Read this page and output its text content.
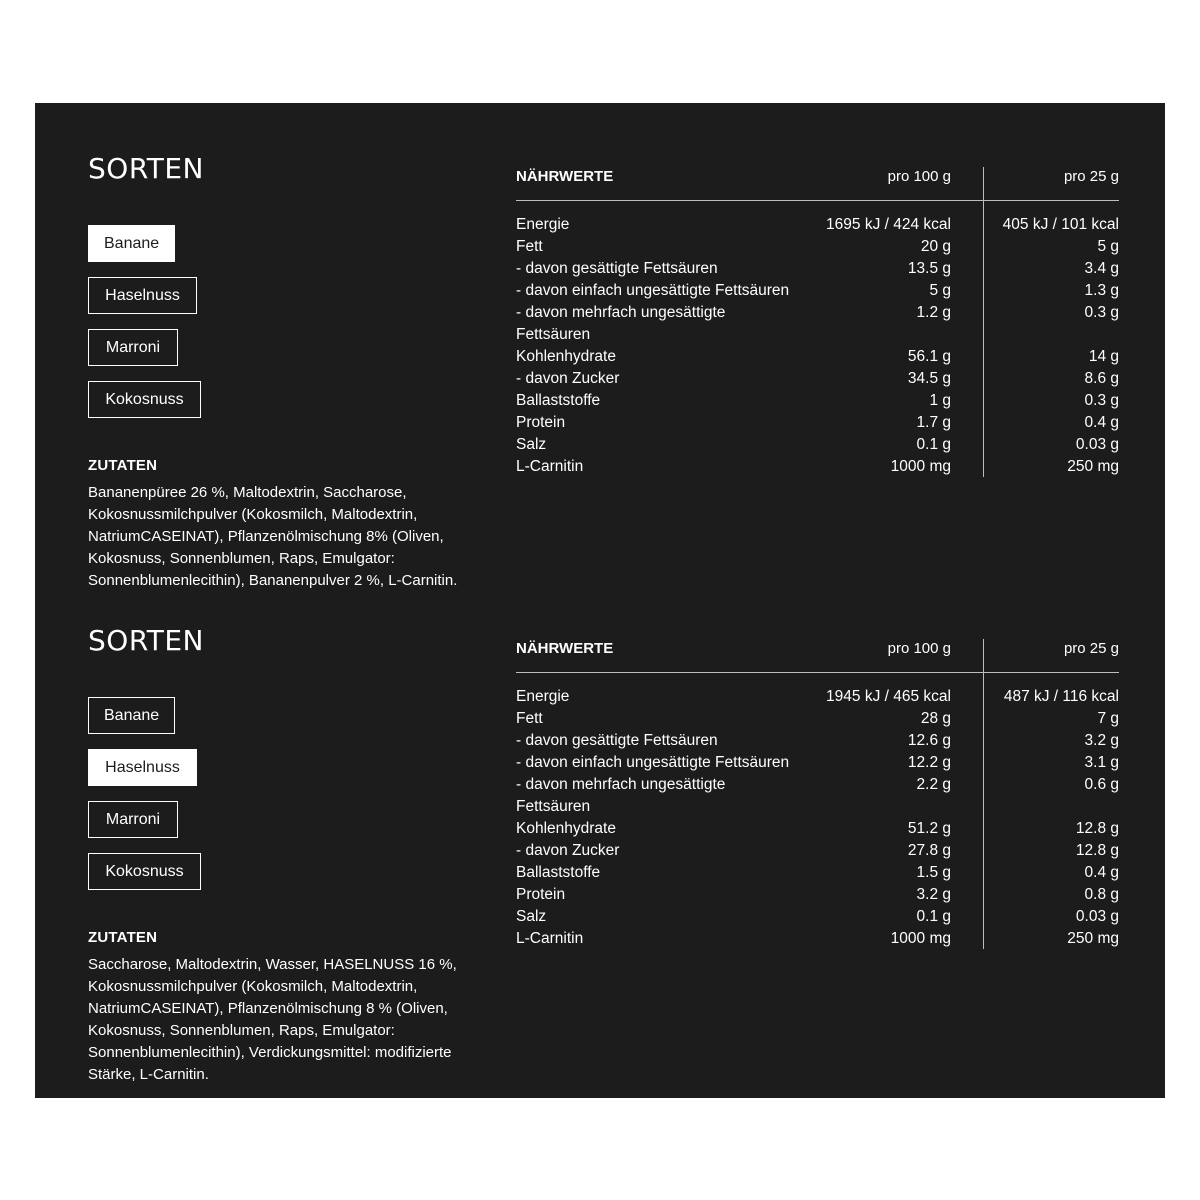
SORTEN
Banane
Haselnuss
Marroni
Kokosnuss
ZUTATEN

Bananenpüree 26 %, Maltodextrin, Saccharose, Kokosnussmilchpulver (Kokosmilch, Maltodextrin, NatriumCASEINAT), Pflanzenölmischung 8% (Oliven, Kokosnuss, Sonnenblumen, Raps, Emulgator: Sonnenblumenlecithin), Bananenpulver 2 %, L-Carnitin.

NÄHRWERTE	pro 100 g	pro 25 g
Energie	1695 kJ / 424 kcal	405 kJ / 101 kcal
Fett	20 g	5 g
- davon gesättigte Fettsäuren	13.5 g	3.4 g
- davon einfach ungesättigte Fettsäuren	5 g	1.3 g
- davon mehrfach ungesättigte Fettsäuren
1.2 g	0.3 g
Kohlenhydrate	56.1 g	14 g
- davon Zucker	34.5 g	8.6 g
Ballaststoffe	1 g	0.3 g
Protein	1.7 g	0.4 g
Salz	0.1 g	0.03 g
L-Carnitin	1000 mg	250 mg
SORTEN
Banane
Haselnuss
Marroni
Kokosnuss
ZUTATEN

Saccharose, Maltodextrin, Wasser, HASELNUSS 16 %, Kokosnussmilchpulver (Kokosmilch, Maltodextrin, NatriumCASEINAT), Pflanzenölmischung 8 % (Oliven, Kokosnuss, Sonnenblumen, Raps, Emulgator: Sonnenblumenlecithin), Verdickungsmittel: modifizierte Stärke, L-Carnitin.

NÄHRWERTE	pro 100 g	pro 25 g
Energie	1945 kJ / 465 kcal	487 kJ / 116 kcal
Fett	28 g	7 g
- davon gesättigte Fettsäuren	12.6 g	3.2 g
- davon einfach ungesättigte Fettsäuren	12.2 g	3.1 g
- davon mehrfach ungesättigte Fettsäuren
2.2 g	0.6 g
Kohlenhydrate	51.2 g	12.8 g
- davon Zucker	27.8 g	12.8 g
Ballaststoffe	1.5 g	0.4 g
Protein	3.2 g	0.8 g
Salz	0.1 g	0.03 g
L-Carnitin	1000 mg	250 mg
